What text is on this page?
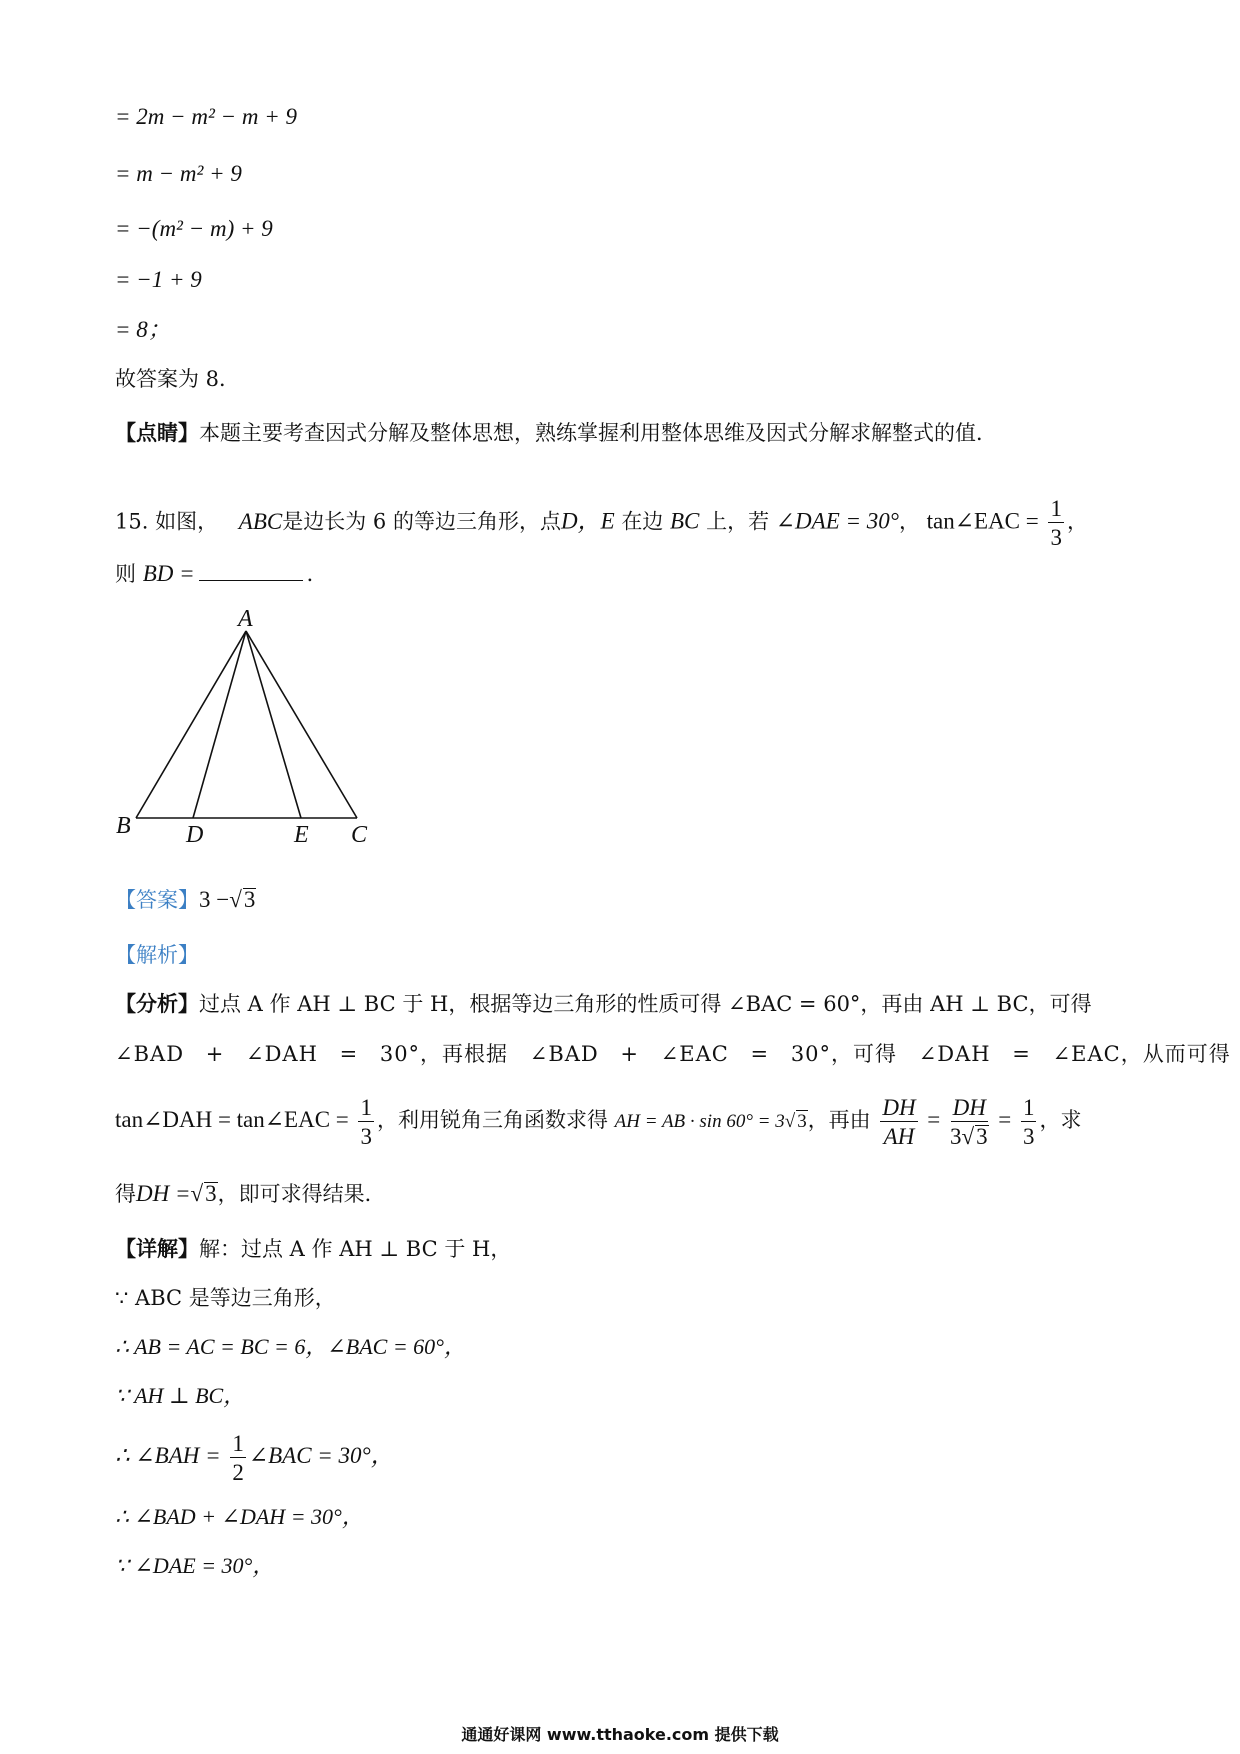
= 2m − m² − m + 9
= m − m² + 9
= −(m² − m) + 9
= −1 + 9
= 8；
故答案为 8．
【点睛】本题主要考查因式分解及整体思想，熟练掌握利用整体思维及因式分解求解整式的值．
15. 如图， ABC是边长为 6 的等边三角形，点D，E 在边 BC 上，若 ∠DAE = 30°， tan∠EAC = $\frac{1}{3}$ ，
则 BD =	．
A
B D	E C
【答案】3 −√3
【解析】
【分析】过点 A 作 AH ⊥ BC 于 H，根据等边三角形的性质可得 ∠BAC = 60°，再由 AH ⊥ BC，可得
∠BAD + ∠DAH = 30°，再根据 ∠BAD + ∠EAC = 30°，可得 ∠DAH = ∠EAC，从而可得
tan∠DAH = tan∠EAC = $\frac{1}{3}$ ，利用锐角三角函数求得 AH = AB · sin 60° = 3√ 3，再由 $\frac{DH}{AH} = \frac{DH}{3√3} = \frac{1}{3}$ ，求
得DH =√3，即可求得结果．
【详解】解：过点 A 作 AH ⊥ BC 于 H，
∵ ABC 是等边三角形，
∴ AB = AC = BC = 6，∠BAC = 60°，
∵ AH ⊥ BC，
∴ ∠BAH = $\frac{1}{2}$ ∠BAC = 30°，
∴ ∠BAD + ∠DAH = 30°，
∵ ∠DAE = 30°，
通通好课网 www.tthaoke.com 提供下载
